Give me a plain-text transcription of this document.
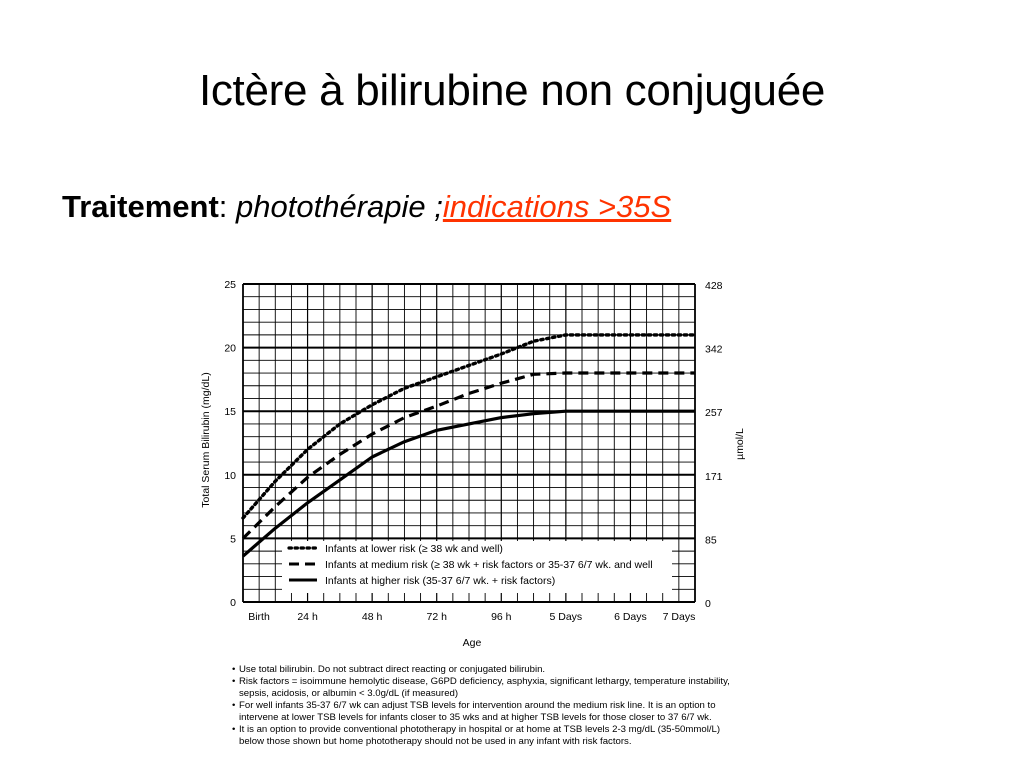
Ictère à bilirubine non conjuguée
Traitement: photothérapie ;indications >35S
0
5
10
15
20
25
0
85
171
257
342
428
Birth	24 h	48 h	72 h	96 h	5 Days	6 Days 7 Days
Age
Total Serum Bilirubin (mg/dL)	µmol/L
Infants at lower risk (≥ 38 wk and well)
Infants at medium risk (≥ 38 wk + risk factors or 35-37 6/7 wk. and well
Infants at higher risk (35-37 6/7 wk. + risk factors)
• Use total bilirubin. Do not subtract direct reacting or conjugated bilirubin.
• Risk factors = isoimmune hemolytic disease, G6PD deficiency, asphyxia, significant lethargy, temperature instability, sepsis, acidosis, or albumin < 3.0g/dL (if measured)
• For well infants 35-37 6/7 wk can adjust TSB levels for intervention around the medium risk line. It is an option to intervene at lower TSB levels for infants closer to 35 wks and at higher TSB levels for those closer to 37 6/7 wk.
• It is an option to provide conventional phototherapy in hospital or at home at TSB levels 2-3 mg/dL (35-50mmol/L) below those shown but home phototherapy should not be used in any infant with risk factors.
